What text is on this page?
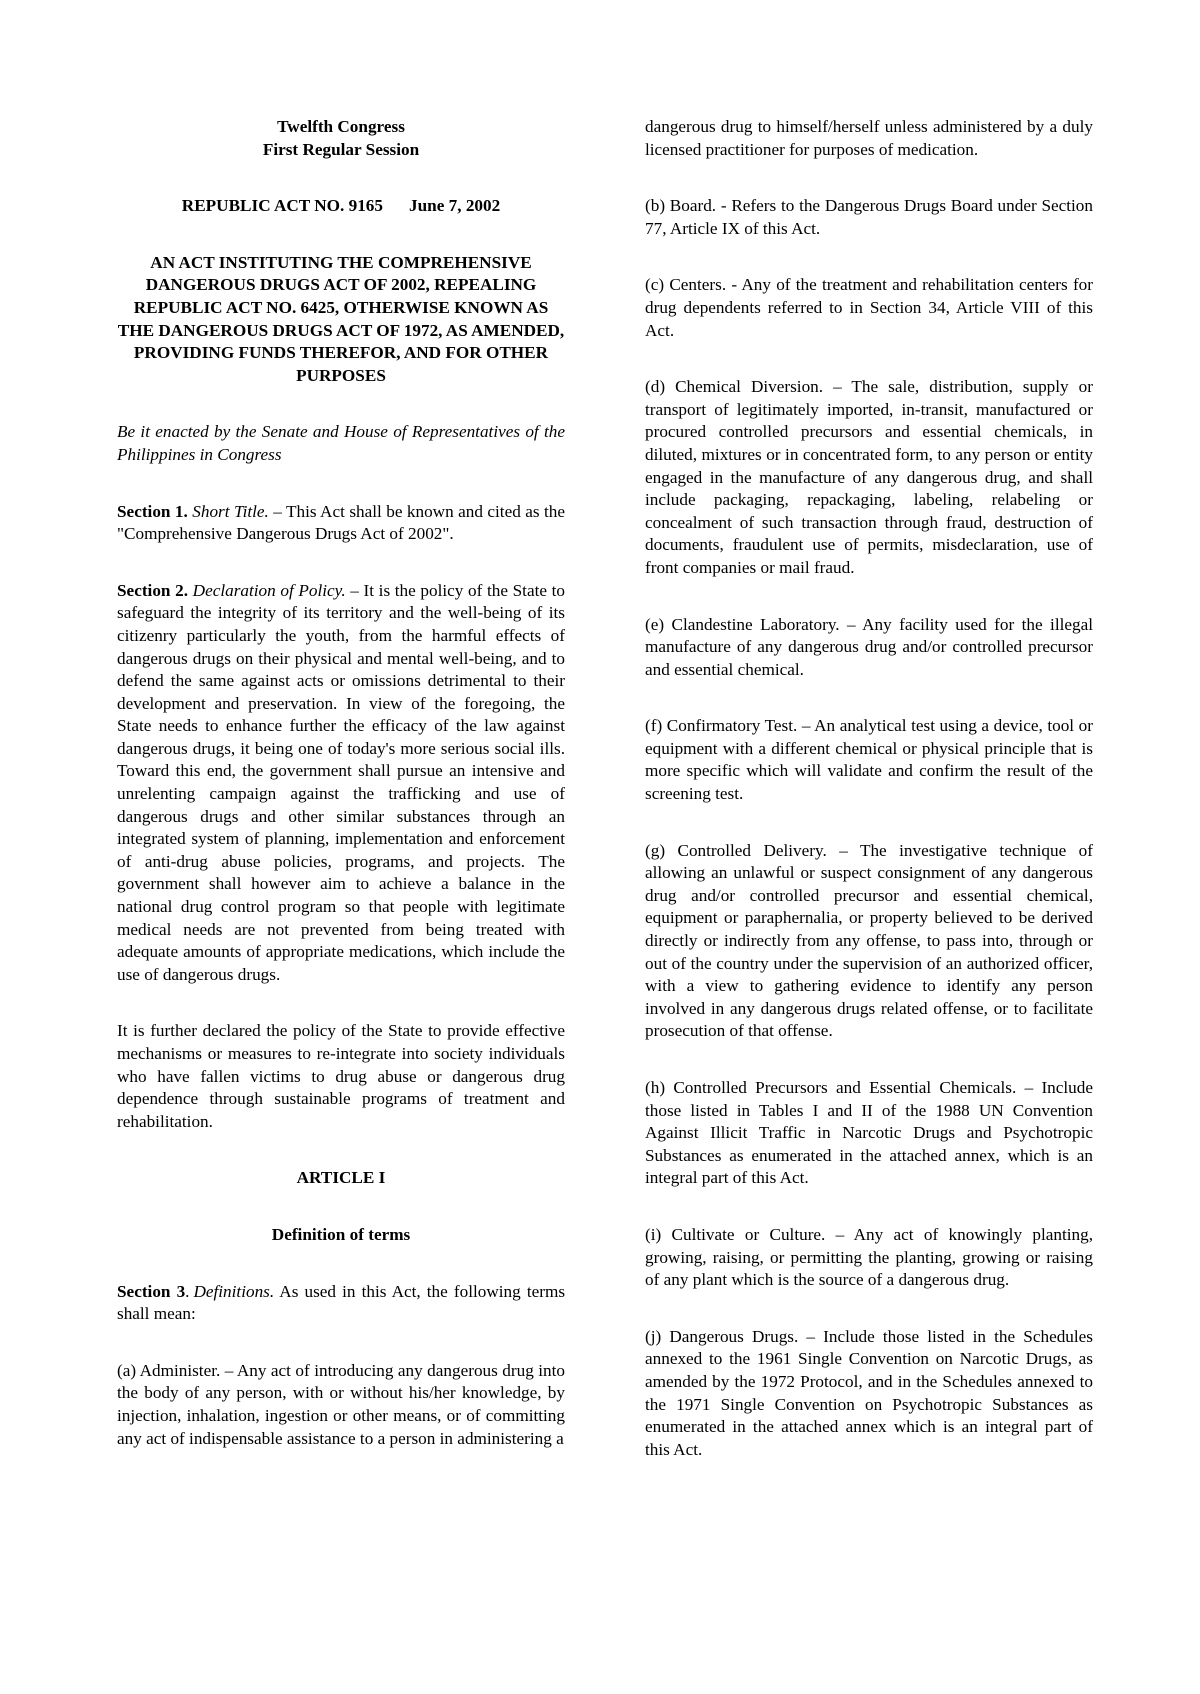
Twelfth Congress
First Regular Session
REPUBLIC ACT NO. 9165 June 7, 2002
AN ACT INSTITUTING THE COMPREHENSIVE DANGEROUS DRUGS ACT OF 2002, REPEALING REPUBLIC ACT NO. 6425, OTHERWISE KNOWN AS THE DANGEROUS DRUGS ACT OF 1972, AS AMENDED, PROVIDING FUNDS THEREFOR, AND FOR OTHER PURPOSES

Be it enacted by the Senate and House of Representatives of the Philippines in Congress

Section 1. Short Title. – This Act shall be known and cited as the "Comprehensive Dangerous Drugs Act of 2002".

Section 2. Declaration of Policy. – It is the policy of the State to safeguard the integrity of its territory and the well-being of its citizenry particularly the youth, from the harmful effects of dangerous drugs on their physical and mental well-being, and to defend the same against acts or omissions detrimental to their development and preservation. In view of the foregoing, the State needs to enhance further the efficacy of the law against dangerous drugs, it being one of today's more serious social ills. Toward this end, the government shall pursue an intensive and unrelenting campaign against the trafficking and use of dangerous drugs and other similar substances through an integrated system of planning, implementation and enforcement of anti-drug abuse policies, programs, and projects. The government shall however aim to achieve a balance in the national drug control program so that people with legitimate medical needs are not prevented from being treated with adequate amounts of appropriate medications, which include the use of dangerous drugs.

It is further declared the policy of the State to provide effective mechanisms or measures to re-integrate into society individuals who have fallen victims to drug abuse or dangerous drug dependence through sustainable programs of treatment and rehabilitation.

ARTICLE I
Definition of terms

Section 3. Definitions. As used in this Act, the following terms shall mean:

(a) Administer. – Any act of introducing any dangerous drug into the body of any person, with or without his/her knowledge, by injection, inhalation, ingestion or other means, or of committing any act of indispensable assistance to a person in administering a

dangerous drug to himself/herself unless administered by a duly licensed practitioner for purposes of medication.

(b) Board. - Refers to the Dangerous Drugs Board under Section 77, Article IX of this Act.

(c) Centers. - Any of the treatment and rehabilitation centers for drug dependents referred to in Section 34, Article VIII of this Act.

(d) Chemical Diversion. – The sale, distribution, supply or transport of legitimately imported, in-transit, manufactured or procured controlled precursors and essential chemicals, in diluted, mixtures or in concentrated form, to any person or entity engaged in the manufacture of any dangerous drug, and shall include packaging, repackaging, labeling, relabeling or concealment of such transaction through fraud, destruction of documents, fraudulent use of permits, misdeclaration, use of front companies or mail fraud.

(e) Clandestine Laboratory. – Any facility used for the illegal manufacture of any dangerous drug and/or controlled precursor and essential chemical.

(f) Confirmatory Test. – An analytical test using a device, tool or equipment with a different chemical or physical principle that is more specific which will validate and confirm the result of the screening test.

(g) Controlled Delivery. – The investigative technique of allowing an unlawful or suspect consignment of any dangerous drug and/or controlled precursor and essential chemical, equipment or paraphernalia, or property believed to be derived directly or indirectly from any offense, to pass into, through or out of the country under the supervision of an authorized officer, with a view to gathering evidence to identify any person involved in any dangerous drugs related offense, or to facilitate prosecution of that offense.

(h) Controlled Precursors and Essential Chemicals. – Include those listed in Tables I and II of the 1988 UN Convention Against Illicit Traffic in Narcotic Drugs and Psychotropic Substances as enumerated in the attached annex, which is an integral part of this Act.

(i) Cultivate or Culture. – Any act of knowingly planting, growing, raising, or permitting the planting, growing or raising of any plant which is the source of a dangerous drug.

(j) Dangerous Drugs. – Include those listed in the Schedules annexed to the 1961 Single Convention on Narcotic Drugs, as amended by the 1972 Protocol, and in the Schedules annexed to the 1971 Single Convention on Psychotropic Substances as enumerated in the attached annex which is an integral part of this Act.
